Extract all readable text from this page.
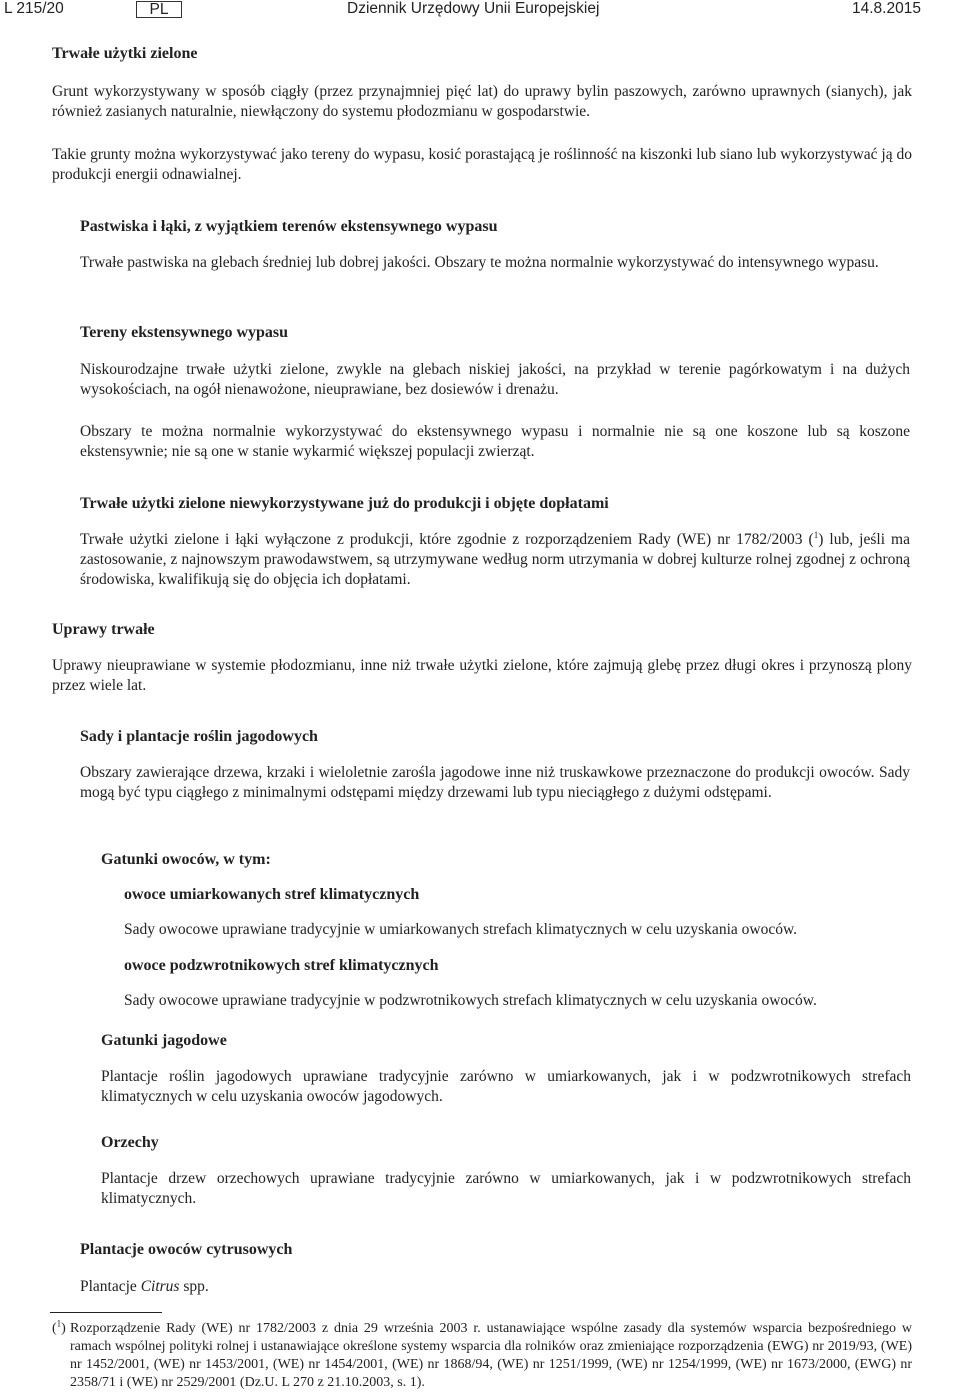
L 215/20	PL	Dziennik Urzędowy Unii Europejskiej	14.8.2015
Trwałe użytki zielone

Grunt wykorzystywany w sposób ciągły (przez przynajmniej pięć lat) do uprawy bylin paszowych, zarówno uprawnych (sianych), jak również zasianych naturalnie, niewłączony do systemu płodozmianu w gospodarstwie.

Takie grunty można wykorzystywać jako tereny do wypasu, kosić porastającą je roślinność na kiszonki lub siano lub wykorzystywać ją do produkcji energii odnawialnej.

Pastwiska i łąki, z wyjątkiem terenów ekstensywnego wypasu

Trwałe pastwiska na glebach średniej lub dobrej jakości. Obszary te można normalnie wykorzystywać do intensywnego wypasu.

Tereny ekstensywnego wypasu

Niskourodzajne trwałe użytki zielone, zwykle na glebach niskiej jakości, na przykład w terenie pagórkowatym i na dużych wysokościach, na ogół nienawożone, nieuprawiane, bez dosiewów i drenażu.

Obszary te można normalnie wykorzystywać do ekstensywnego wypasu i normalnie nie są one koszone lub są koszone ekstensywnie; nie są one w stanie wykarmić większej populacji zwierząt.

Trwałe użytki zielone niewykorzystywane już do produkcji i objęte dopłatami

Trwałe użytki zielone i łąki wyłączone z produkcji, które zgodnie z rozporządzeniem Rady (WE) nr 1782/2003 ($^1$) lub, jeśli ma zastosowanie, z najnowszym prawodawstwem, są utrzymywane według norm utrzymania w dobrej kulturze rolnej zgodnej z ochroną środowiska, kwalifikują się do objęcia ich dopłatami.

Uprawy trwałe

Uprawy nieuprawiane w systemie płodozmianu, inne niż trwałe użytki zielone, które zajmują glebę przez długi okres i przynoszą plony przez wiele lat.

Sady i plantacje roślin jagodowych

Obszary zawierające drzewa, krzaki i wieloletnie zarośla jagodowe inne niż truskawkowe przeznaczone do produkcji owoców. Sady mogą być typu ciągłego z minimalnymi odstępami między drzewami lub typu nieciągłego z dużymi odstępami.

Gatunki owoców, w tym:
owoce umiarkowanych stref klimatycznych

Sady owocowe uprawiane tradycyjnie w umiarkowanych strefach klimatycznych w celu uzyskania owoców.

owoce podzwrotnikowych stref klimatycznych

Sady owocowe uprawiane tradycyjnie w podzwrotnikowych strefach klimatycznych w celu uzyskania owoców.

Gatunki jagodowe

Plantacje roślin jagodowych uprawiane tradycyjnie zarówno w umiarkowanych, jak i w podzwrotnikowych strefach klimatycznych w celu uzyskania owoców jagodowych.

Orzechy

Plantacje drzew orzechowych uprawiane tradycyjnie zarówno w umiarkowanych, jak i w podzwrotnikowych strefach klimatycznych.

Plantacje owoców cytrusowych

Plantacje Citrus spp.

($^1$) Rozporządzenie Rady (WE) nr 1782/2003 z dnia 29 września 2003 r. ustanawiające wspólne zasady dla systemów wsparcia bezpośredniego w ramach wspólnej polityki rolnej i ustanawiające określone systemy wsparcia dla rolników oraz zmieniające rozporządzenia (EWG) nr 2019/93, (WE) nr 1452/2001, (WE) nr 1453/2001, (WE) nr 1454/2001, (WE) nr 1868/94, (WE) nr 1251/1999, (WE) nr 1254/1999, (WE) nr 1673/2000, (EWG) nr 2358/71 i (WE) nr 2529/2001 (Dz.U. L 270 z 21.10.2003, s. 1).
